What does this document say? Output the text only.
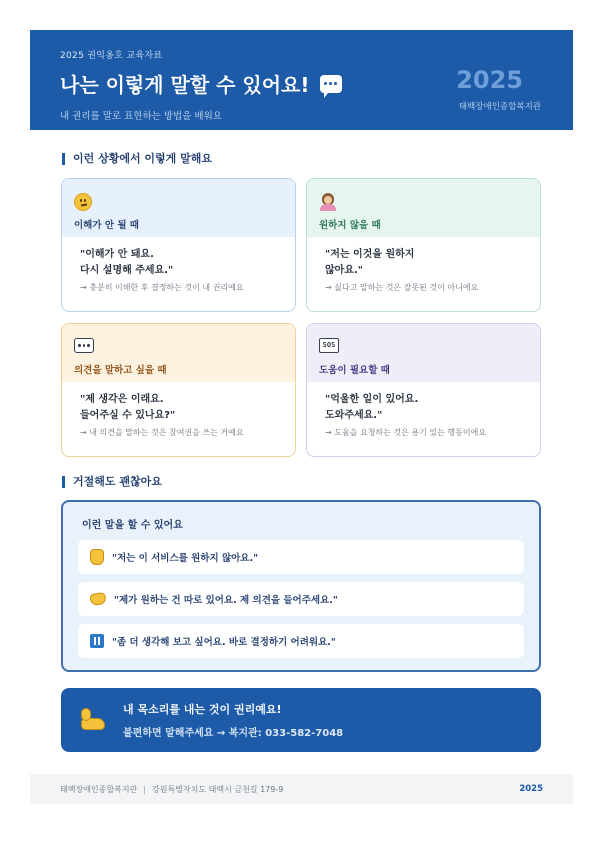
2025 권익옹호 교육자료
나는 이렇게 말할 수 있어요!
내 권리를 말로 표현하는 방법을 배워요
2025
태백장애인종합복지관
이런 상황에서 이렇게 말해요
이해가 안 될 때
"이해가 안 돼요.
다시 설명해 주세요."
→ 충분히 이해한 후 결정하는 것이 내 권리예요
원하지 않을 때
"저는 이것을 원하지
않아요."
→ 싫다고 말하는 것은 잘못된 것이 아니에요
의견을 말하고 싶을 때
"제 생각은 이래요.
들어주실 수 있나요?"
→ 내 의견을 말하는 것은 참여권을 쓰는 거예요
SOS
도움이 필요할 때
"억울한 일이 있어요.
도와주세요."
→ 도움을 요청하는 것은 용기 있는 행동이에요
거절해도 괜찮아요
이런 말을 할 수 있어요
"저는 이 서비스를 원하지 않아요."
"제가 원하는 건 따로 있어요. 제 의견을 들어주세요."
"좀 더 생각해 보고 싶어요. 바로 결정하기 어려워요."
내 목소리를 내는 것이 권리예요!
불편하면 말해주세요 → 복지관: 033-582-7048
태백장애인종합복지관 | 강원특별자치도 태백시 금천길 179-9	2025
